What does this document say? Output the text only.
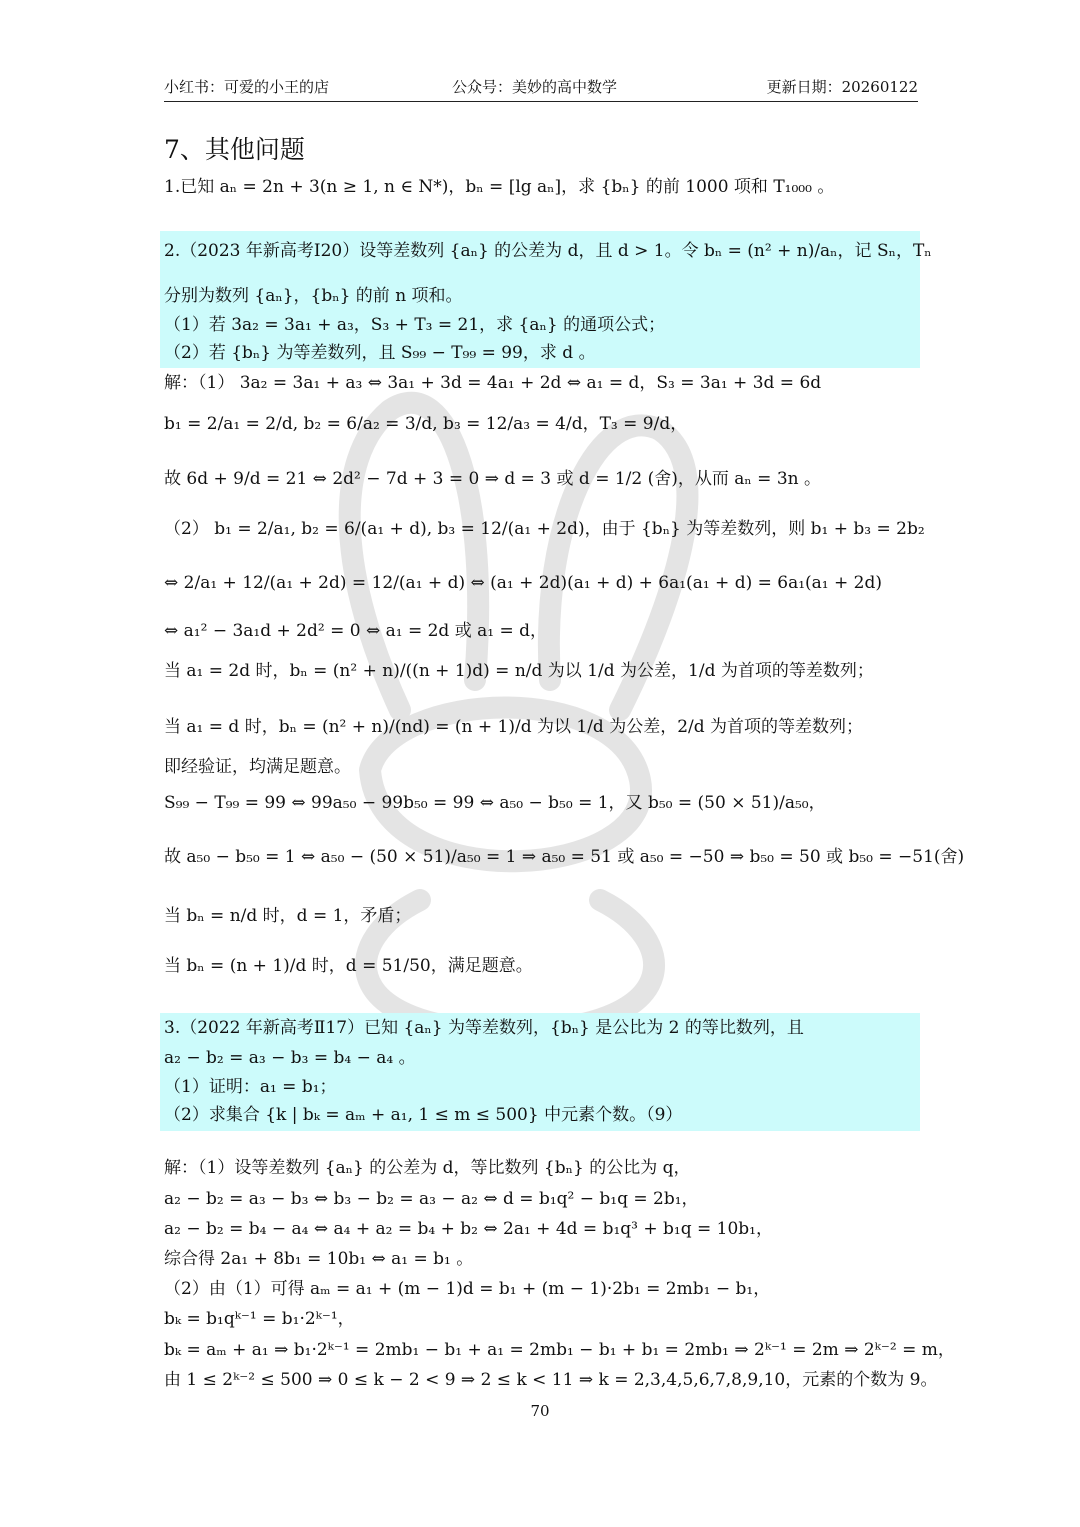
小红书：可爱的小王的店	公众号：美妙的高中数学	更新日期：20260122
7、其他问题
1.已知 aₙ = 2n + 3(n ≥ 1, n ∈ N*)，bₙ = [lg aₙ]，求 {bₙ} 的前 1000 项和 T₁₀₀₀ 。
2.（2023 年新高考Ⅰ20）设等差数列 {aₙ} 的公差为 d，且 d > 1。令 bₙ = (n² + n)/aₙ，记 Sₙ，Tₙ
分别为数列 {aₙ}，{bₙ} 的前 n 项和。
（1）若 3a₂ = 3a₁ + a₃，S₃ + T₃ = 21，求 {aₙ} 的通项公式；
（2）若 {bₙ} 为等差数列，且 S₉₉ − T₉₉ = 99，求 d 。
解：（1） 3a₂ = 3a₁ + a₃ ⇔ 3a₁ + 3d = 4a₁ + 2d ⇔ a₁ = d，S₃ = 3a₁ + 3d = 6d
b₁ = 2/a₁ = 2/d, b₂ = 6/a₂ = 3/d, b₃ = 12/a₃ = 4/d，T₃ = 9/d，
故 6d + 9/d = 21 ⇔ 2d² − 7d + 3 = 0 ⇒ d = 3 或 d = 1/2 (舍)，从而 aₙ = 3n 。
（2） b₁ = 2/a₁, b₂ = 6/(a₁ + d), b₃ = 12/(a₁ + 2d)，由于 {bₙ} 为等差数列，则 b₁ + b₃ = 2b₂
⇔ 2/a₁ + 12/(a₁ + 2d) = 12/(a₁ + d) ⇔ (a₁ + 2d)(a₁ + d) + 6a₁(a₁ + d) = 6a₁(a₁ + 2d)
⇔ a₁² − 3a₁d + 2d² = 0 ⇔ a₁ = 2d 或 a₁ = d，
当 a₁ = 2d 时，bₙ = (n² + n)/((n + 1)d) = n/d 为以 1/d 为公差，1/d 为首项的等差数列；
当 a₁ = d 时，bₙ = (n² + n)/(nd) = (n + 1)/d 为以 1/d 为公差，2/d 为首项的等差数列；
即经验证，均满足题意。
S₉₉ − T₉₉ = 99 ⇔ 99a₅₀ − 99b₅₀ = 99 ⇔ a₅₀ − b₅₀ = 1，又 b₅₀ = (50 × 51)/a₅₀，
故 a₅₀ − b₅₀ = 1 ⇔ a₅₀ − (50 × 51)/a₅₀ = 1 ⇒ a₅₀ = 51 或 a₅₀ = −50 ⇒ b₅₀ = 50 或 b₅₀ = −51(舍)
当 bₙ = n/d 时，d = 1，矛盾；
当 bₙ = (n + 1)/d 时，d = 51/50，满足题意。
3.（2022 年新高考Ⅱ17）已知 {aₙ} 为等差数列，{bₙ} 是公比为 2 的等比数列，且
a₂ − b₂ = a₃ − b₃ = b₄ − a₄ 。
（1）证明：a₁ = b₁；
（2）求集合 {k | bₖ = aₘ + a₁, 1 ≤ m ≤ 500} 中元素个数。（9）
解：（1）设等差数列 {aₙ} 的公差为 d，等比数列 {bₙ} 的公比为 q，
a₂ − b₂ = a₃ − b₃ ⇔ b₃ − b₂ = a₃ − a₂ ⇔ d = b₁q² − b₁q = 2b₁，
a₂ − b₂ = b₄ − a₄ ⇔ a₄ + a₂ = b₄ + b₂ ⇔ 2a₁ + 4d = b₁q³ + b₁q = 10b₁，
综合得 2a₁ + 8b₁ = 10b₁ ⇔ a₁ = b₁ 。
（2）由（1）可得 aₘ = a₁ + (m − 1)d = b₁ + (m − 1)·2b₁ = 2mb₁ − b₁，
bₖ = b₁qᵏ⁻¹ = b₁·2ᵏ⁻¹，
bₖ = aₘ + a₁ ⇒ b₁·2ᵏ⁻¹ = 2mb₁ − b₁ + a₁ = 2mb₁ − b₁ + b₁ = 2mb₁ ⇒ 2ᵏ⁻¹ = 2m ⇒ 2ᵏ⁻² = m，
由 1 ≤ 2ᵏ⁻² ≤ 500 ⇒ 0 ≤ k − 2 < 9 ⇒ 2 ≤ k < 11 ⇒ k = 2,3,4,5,6,7,8,9,10，元素的个数为 9。
70
